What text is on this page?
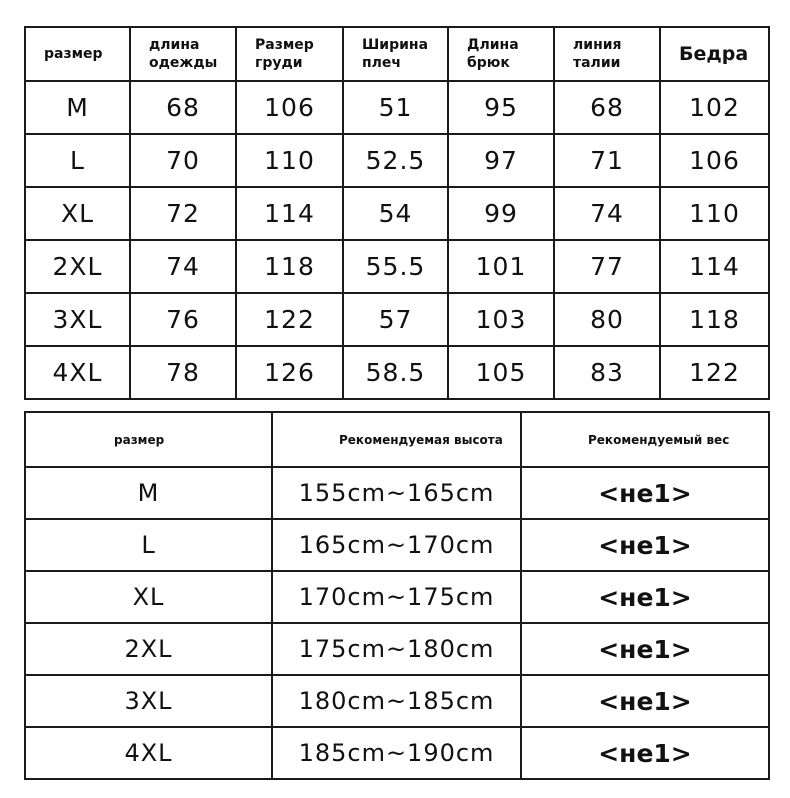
размер	длина одежды	Размер груди	Ширина плеч	Длина брюк	линия талии	Бедра
M	68	106	51	95	68	102
L	70	110	52.5	97	71	106
XL	72	114	54	99	74	110
2XL	74	118	55.5	101	77	114
3XL	76	122	57	103	80	118
4XL	78	126	58.5	105	83	122
размер	Рекомендуемая высота	Рекомендуемый вес
M	155cm~165cm	<не1>
L	165cm~170cm	<не1>
XL	170cm~175cm	<не1>
2XL	175cm~180cm	<не1>
3XL	180cm~185cm	<не1>
4XL	185cm~190cm	<не1>
